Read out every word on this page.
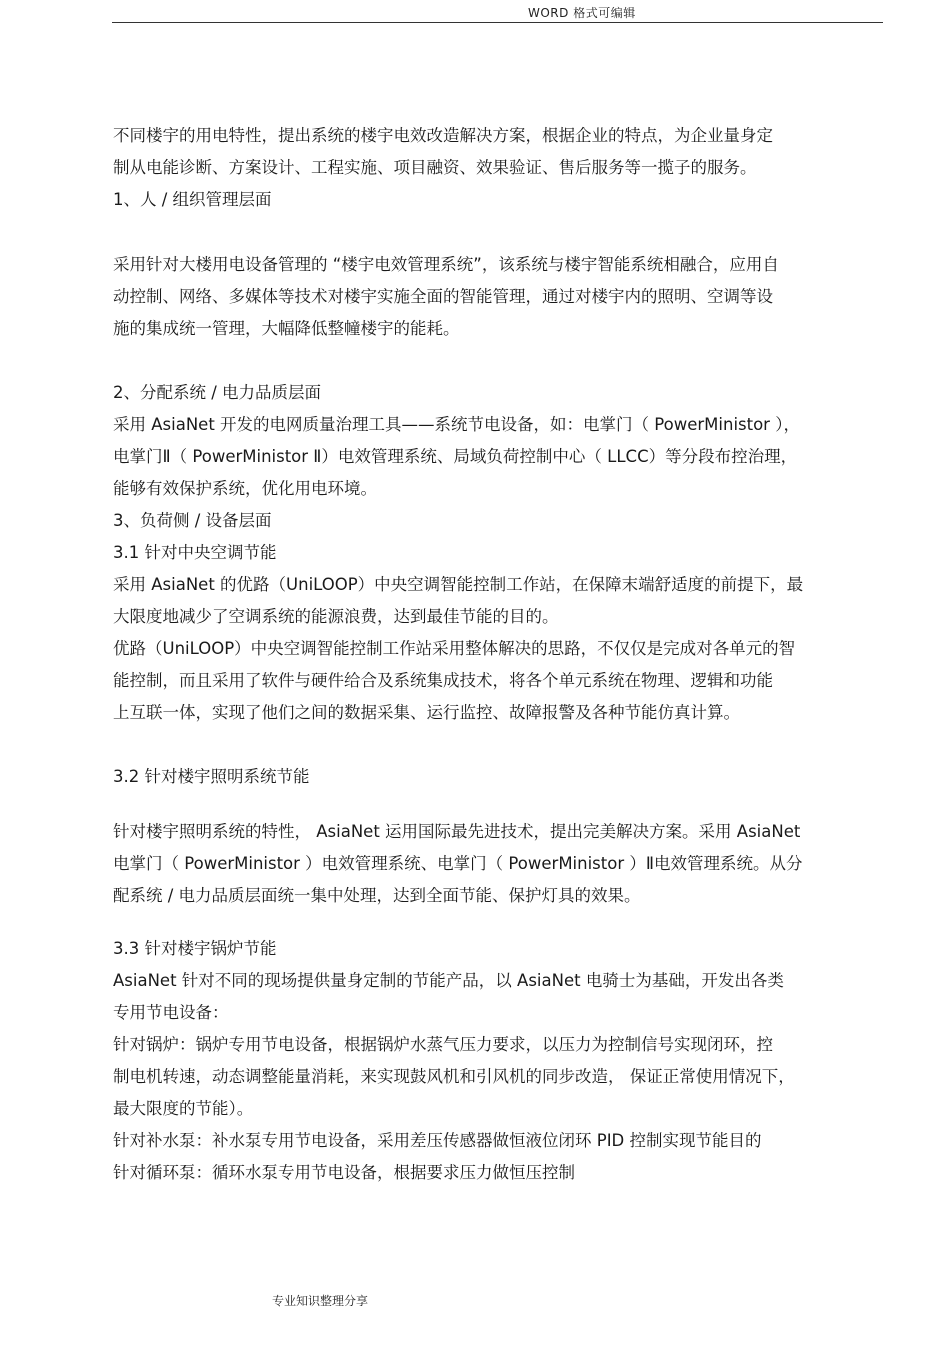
WORD 格式可编辑
不同楼宇的用电特性，提出系统的楼宇电效改造解决方案，根据企业的特点，为企业量身定
制从电能诊断、方案设计、工程实施、项目融资、效果验证、售后服务等一揽子的服务。
1、人 / 组织管理层面
采用针对大楼用电设备管理的 “楼宇电效管理系统”，该系统与楼宇智能系统相融合，应用自
动控制、网络、多媒体等技术对楼宇实施全面的智能管理，通过对楼宇内的照明、空调等设
施的集成统一管理，大幅降低整幢楼宇的能耗。
2、分配系统 / 电力品质层面
采用 AsiaNet 开发的电网质量治理工具——系统节电设备，如：电掌门（ PowerMinistor ），
电掌门Ⅱ（ PowerMinistor Ⅱ）电效管理系统、局域负荷控制中心（ LLCC）等分段布控治理，
能够有效保护系统，优化用电环境。
3、负荷侧 / 设备层面
3.1 针对中央空调节能
采用 AsiaNet 的优路（UniLOOP）中央空调智能控制工作站，在保障末端舒适度的前提下，最
大限度地减少了空调系统的能源浪费，达到最佳节能的目的。
优路（UniLOOP）中央空调智能控制工作站采用整体解决的思路，不仅仅是完成对各单元的智
能控制，而且采用了软件与硬件给合及系统集成技术，将各个单元系统在物理、逻辑和功能
上互联一体，实现了他们之间的数据采集、运行监控、故障报警及各种节能仿真计算。
3.2 针对楼宇照明系统节能
针对楼宇照明系统的特性， AsiaNet 运用国际最先进技术，提出完美解决方案。采用 AsiaNet
电掌门（ PowerMinistor ）电效管理系统、电掌门（ PowerMinistor ）Ⅱ电效管理系统。从分
配系统 / 电力品质层面统一集中处理，达到全面节能、保护灯具的效果。
3.3 针对楼宇锅炉节能
AsiaNet 针对不同的现场提供量身定制的节能产品，以 AsiaNet 电骑士为基础，开发出各类
专用节电设备：
针对锅炉：锅炉专用节电设备，根据锅炉水蒸气压力要求，以压力为控制信号实现闭环，控
制电机转速，动态调整能量消耗，来实现鼓风机和引风机的同步改造， 保证正常使用情况下，
最大限度的节能）。
针对补水泵：补水泵专用节电设备，采用差压传感器做恒液位闭环 PID 控制实现节能目的
针对循环泵：循环水泵专用节电设备，根据要求压力做恒压控制
专业知识整理分享
